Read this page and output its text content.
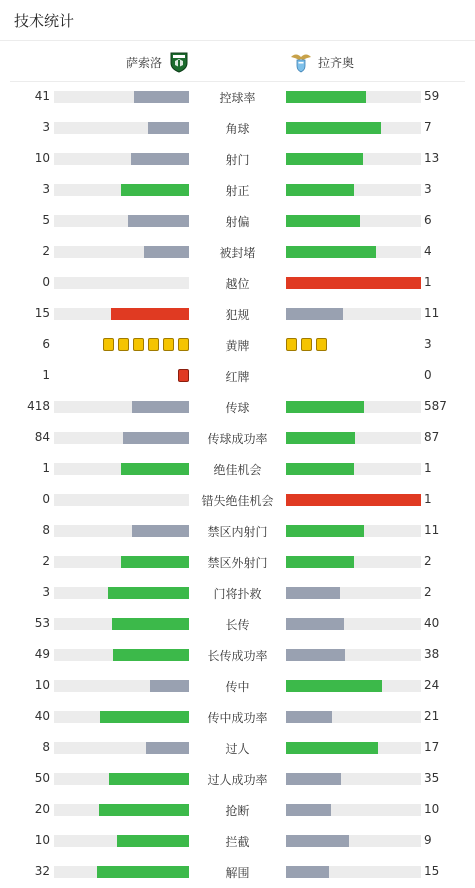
技术统计
萨索洛	拉齐奥
41	控球率	59
3	角球	7
10	射门	13
3	射正	3
5	射偏	6
2	被封堵	4
0	越位	1
15	犯规	11
6	黄牌	3
1	红牌	0
418	传球	587
84	传球成功率	87
1	绝佳机会	1
0	错失绝佳机会	1
8	禁区内射门	11
2	禁区外射门	2
3	门将扑救	2
53	长传	40
49	长传成功率	38
10	传中	24
40	传中成功率	21
8	过人	17
50	过人成功率	35
20	抢断	10
10	拦截	9
32	解围	15
